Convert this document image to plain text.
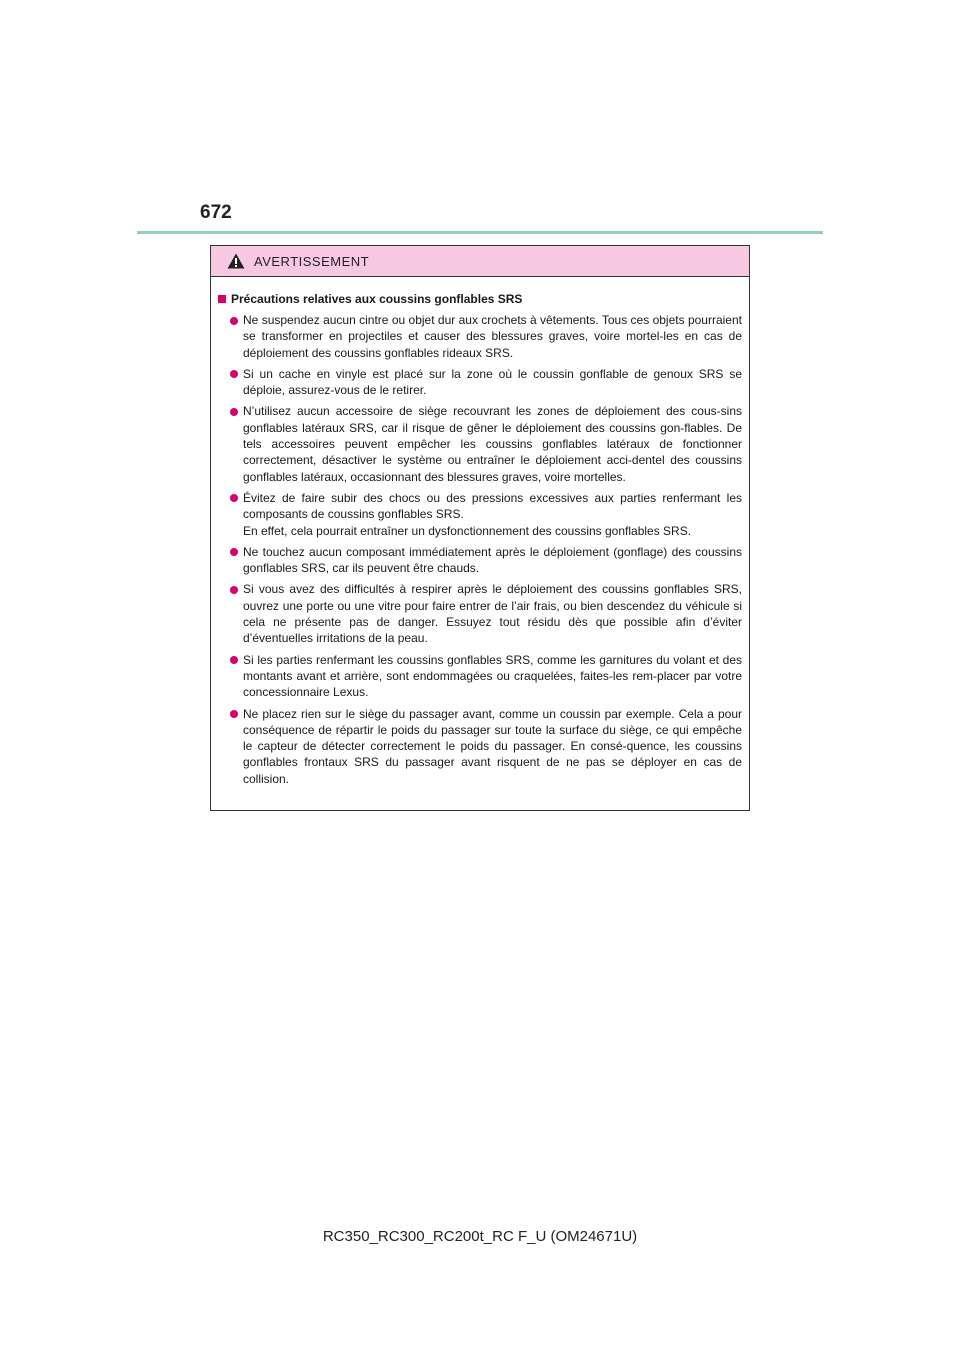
672
AVERTISSEMENT
Précautions relatives aux coussins gonflables SRS
Ne suspendez aucun cintre ou objet dur aux crochets à vêtements. Tous ces objets pourraient se transformer en projectiles et causer des blessures graves, voire mortel-les en cas de déploiement des coussins gonflables rideaux SRS.
Si un cache en vinyle est placé sur la zone où le coussin gonflable de genoux SRS se déploie, assurez-vous de le retirer.
N’utilisez aucun accessoire de siège recouvrant les zones de déploiement des cous-sins gonflables latéraux SRS, car il risque de gêner le déploiement des coussins gon-flables. De tels accessoires peuvent empêcher les coussins gonflables latéraux de fonctionner correctement, désactiver le système ou entraîner le déploiement acci-dentel des coussins gonflables latéraux, occasionnant des blessures graves, voire mortelles.
Évitez de faire subir des chocs ou des pressions excessives aux parties renfermant les composants de coussins gonflables SRS.
En effet, cela pourrait entraîner un dysfonctionnement des coussins gonflables SRS.
Ne touchez aucun composant immédiatement après le déploiement (gonflage) des coussins gonflables SRS, car ils peuvent être chauds.
Si vous avez des difficultés à respirer après le déploiement des coussins gonflables SRS, ouvrez une porte ou une vitre pour faire entrer de l’air frais, ou bien descendez du véhicule si cela ne présente pas de danger. Essuyez tout résidu dès que possible afin d’éviter d’éventuelles irritations de la peau.
Si les parties renfermant les coussins gonflables SRS, comme les garnitures du volant et des montants avant et arrière, sont endommagées ou craquelées, faites-les rem-placer par votre concessionnaire Lexus.
Ne placez rien sur le siège du passager avant, comme un coussin par exemple. Cela a pour conséquence de répartir le poids du passager sur toute la surface du siège, ce qui empêche le capteur de détecter correctement le poids du passager. En consé-quence, les coussins gonflables frontaux SRS du passager avant risquent de ne pas se déployer en cas de collision.
RC350_RC300_RC200t_RC F_U (OM24671U)
